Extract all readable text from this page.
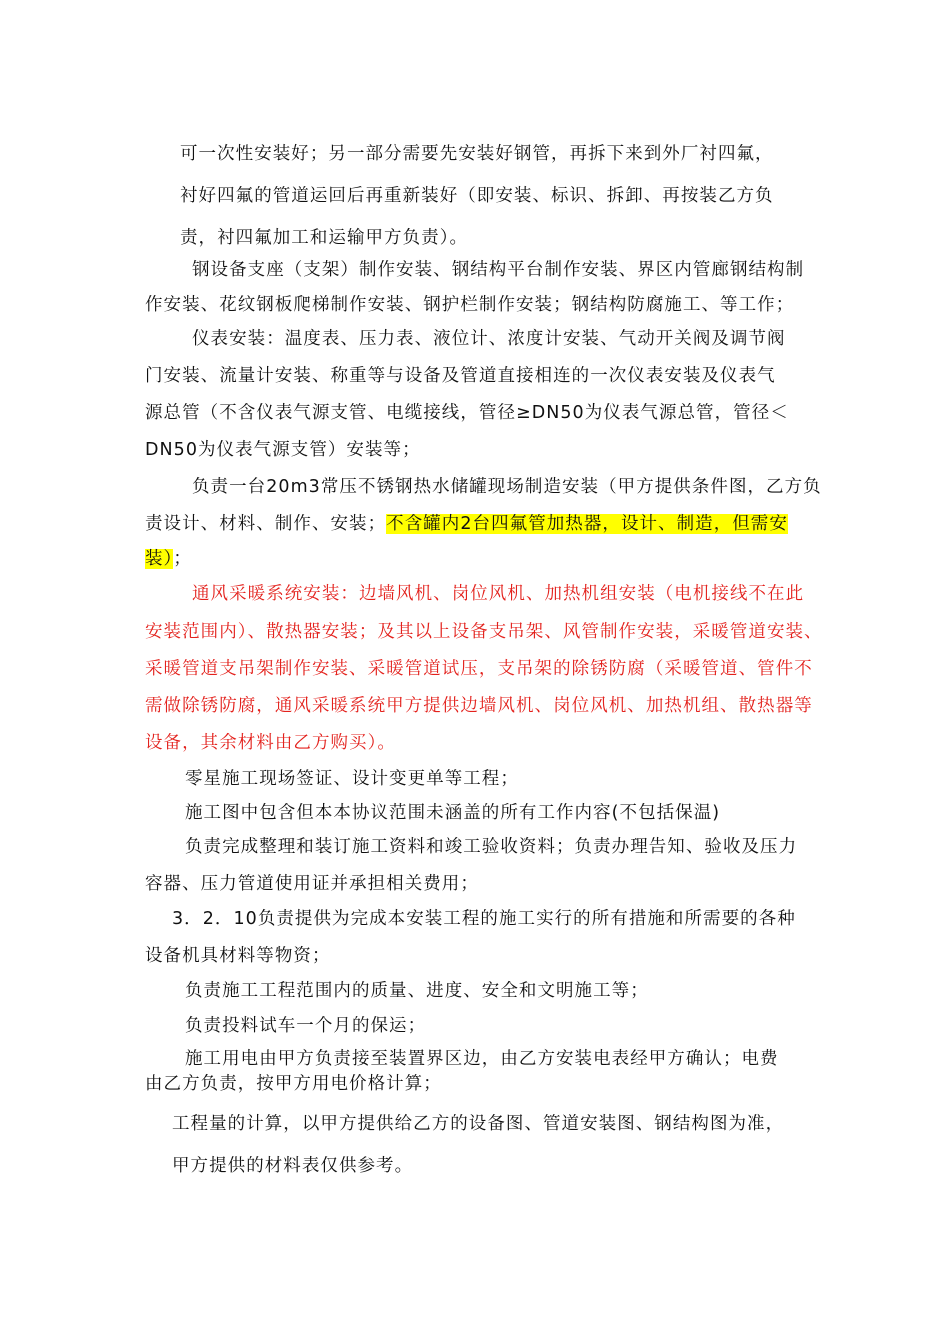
可一次性安装好；另一部分需要先安装好钢管，再拆下来到外厂衬四氟，
衬好四氟的管道运回后再重新装好（即安装、标识、拆卸、再按装乙方负
责，衬四氟加工和运输甲方负责）。
钢设备支座（支架）制作安装、钢结构平台制作安装、界区内管廊钢结构制
作安装、花纹钢板爬梯制作安装、钢护栏制作安装；钢结构防腐施工、等工作；
仪表安装：温度表、压力表、液位计、浓度计安装、气动开关阀及调节阀
门安装、流量计安装、称重等与设备及管道直接相连的一次仪表安装及仪表气
源总管（不含仪表气源支管、电缆接线，管径≥DN50为仪表气源总管，管径＜
DN50为仪表气源支管）安装等；
负责一台20m3常压不锈钢热水储罐现场制造安装（甲方提供条件图，乙方负
责设计、材料、制作、安装；不含罐内2台四氟管加热器，设计、制造，但需安
装）；
通风采暖系统安装：边墙风机、岗位风机、加热机组安装（电机接线不在此
安装范围内）、散热器安装；及其以上设备支吊架、风管制作安装，采暖管道安装、
采暖管道支吊架制作安装、采暖管道试压，支吊架的除锈防腐（采暖管道、管件不
需做除锈防腐，通风采暖系统甲方提供边墙风机、岗位风机、加热机组、散热器等
设备，其余材料由乙方购买）。
零星施工现场签证、设计变更单等工程；
施工图中包含但本本协议范围未涵盖的所有工作内容(不包括保温)
负责完成整理和装订施工资料和竣工验收资料；负责办理告知、验收及压力
容器、压力管道使用证并承担相关费用；
3．2．10负责提供为完成本安装工程的施工实行的所有措施和所需要的各种
设备机具材料等物资；
负责施工工程范围内的质量、进度、安全和文明施工等；
负责投料试车一个月的保运；
施工用电由甲方负责接至装置界区边，由乙方安装电表经甲方确认；电费
由乙方负责，按甲方用电价格计算；
工程量的计算，以甲方提供给乙方的设备图、管道安装图、钢结构图为准，
甲方提供的材料表仅供参考。
